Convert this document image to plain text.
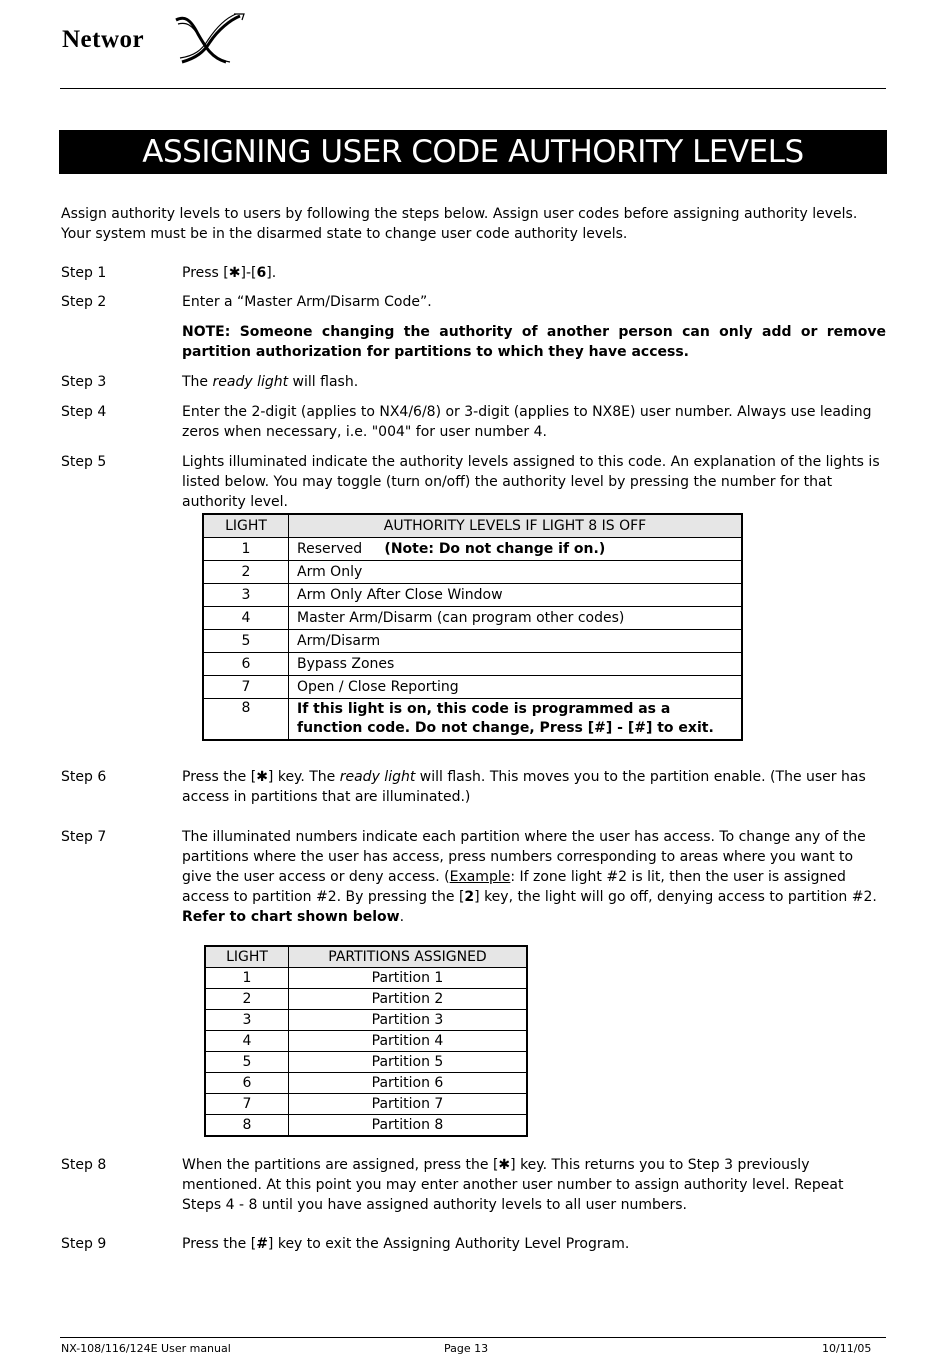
Networ
ASSIGNING USER CODE AUTHORITY LEVELS
Assign authority levels to users by following the steps below. Assign user codes before assigning authority levels.
Your system must be in the disarmed state to change user code authority levels.
Step 1	Press [✱]-[6].
Step 2	Enter a “Master Arm/Disarm Code”.
NOTE: Someone changing the authority of another person can only add or remove partition authorization for partitions to which they have access.
Step 3	The ready light will flash.
Step 4	Enter the 2-digit (applies to NX4/6/8) or 3-digit (applies to NX8E) user number. Always use leading zeros when necessary, i.e. "004" for user number 4.
Step 5	Lights illuminated indicate the authority levels assigned to this code. An explanation of the lights is listed below. You may toggle (turn on/off) the authority level by pressing the number for that authority level.
LIGHT	AUTHORITY LEVELS IF LIGHT 8 IS OFF
1	Reserved     (Note: Do not change if on.)
2	Arm Only
3	Arm Only After Close Window
4	Master Arm/Disarm (can program other codes)
5	Arm/Disarm
6	Bypass Zones
7	Open / Close Reporting
8	If this light is on, this code is programmed as a function code. Do not change, Press [#] - [#] to exit.
Step 6	Press the [✱] key. The ready light will flash. This moves you to the partition enable. (The user has access in partitions that are illuminated.)
Step 7	The illuminated numbers indicate each partition where the user has access. To change any of the partitions where the user has access, press numbers corresponding to areas where you want to give the user access or deny access. (Example: If zone light #2 is lit, then the user is assigned access to partition #2. By pressing the [2] key, the light will go off, denying access to partition #2.
Refer to chart shown below.
LIGHT	PARTITIONS ASSIGNED
1	Partition 1
2	Partition 2
3	Partition 3
4	Partition 4
5	Partition 5
6	Partition 6
7	Partition 7
8	Partition 8
Step 8	When the partitions are assigned, press the [✱] key. This returns you to Step 3 previously mentioned. At this point you may enter another user number to assign authority level. Repeat Steps 4 - 8 until you have assigned authority levels to all user numbers.
Step 9	Press the [#] key to exit the Assigning Authority Level Program.
NX-108/116/124E User manual	Page 13	10/11/05
